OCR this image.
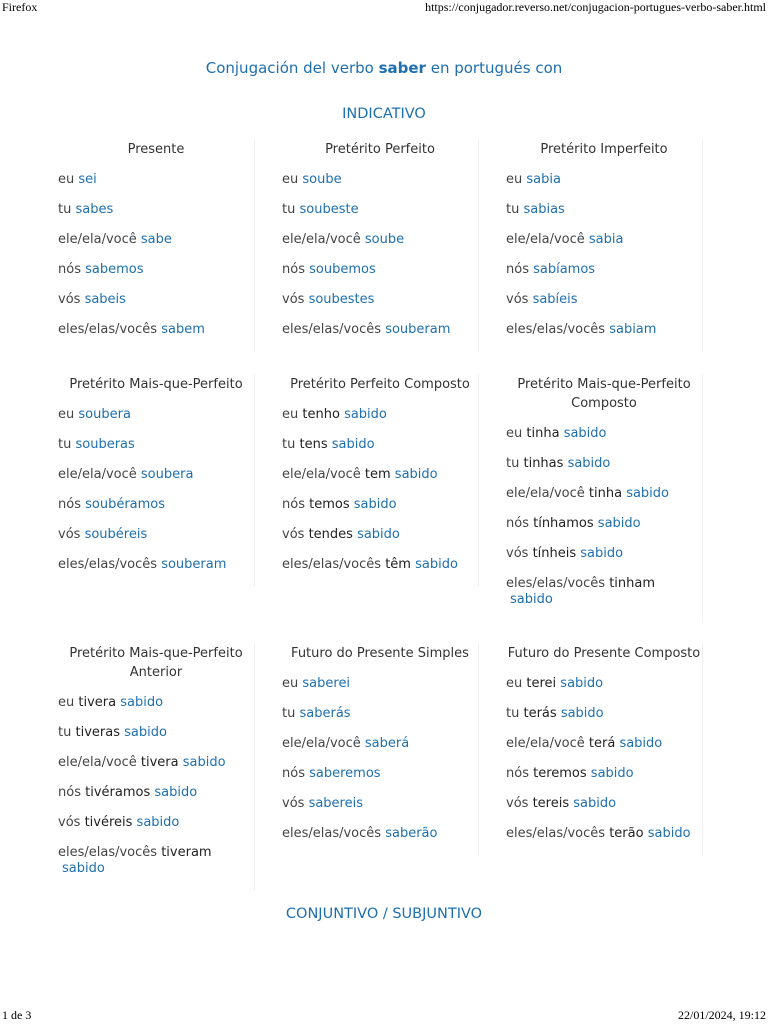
Firefox	https://conjugador.reverso.net/conjugacion-portugues-verbo-saber.html
Conjugación del verbo saber en portugués con
INDICATIVO
Presente
eu sei
tu sabes
ele/ela/você sabe
nós sabemos
vós sabeis
eles/elas/vocês sabem
Pretérito Perfeito
eu soube
tu soubeste
ele/ela/você soube
nós soubemos
vós soubestes
eles/elas/vocês souberam
Pretérito Imperfeito
eu sabia
tu sabias
ele/ela/você sabia
nós sabíamos
vós sabíeis
eles/elas/vocês sabiam
Pretérito Mais-que-Perfeito
eu soubera
tu souberas
ele/ela/você soubera
nós soubéramos
vós soubéreis
eles/elas/vocês souberam
Pretérito Perfeito Composto
eu tenho sabido
tu tens sabido
ele/ela/você tem sabido
nós temos sabido
vós tendes sabido
eles/elas/vocês têm sabido
Pretérito Mais-que-Perfeito Composto
eu tinha sabido
tu tinhas sabido
ele/ela/você tinha sabido
nós tínhamos sabido
vós tínheis sabido
eles/elas/vocês tinham
sabido
Pretérito Mais-que-Perfeito Anterior
eu tivera sabido
tu tiveras sabido
ele/ela/você tivera sabido
nós tivéramos sabido
vós tivéreis sabido
eles/elas/vocês tiveram
sabido
Futuro do Presente Simples
eu saberei
tu saberás
ele/ela/você saberá
nós saberemos
vós sabereis
eles/elas/vocês saberão
Futuro do Presente Composto
eu terei sabido
tu terás sabido
ele/ela/você terá sabido
nós teremos sabido
vós tereis sabido
eles/elas/vocês terão sabido
CONJUNTIVO / SUBJUNTIVO
1 de 3	22/01/2024, 19:12
